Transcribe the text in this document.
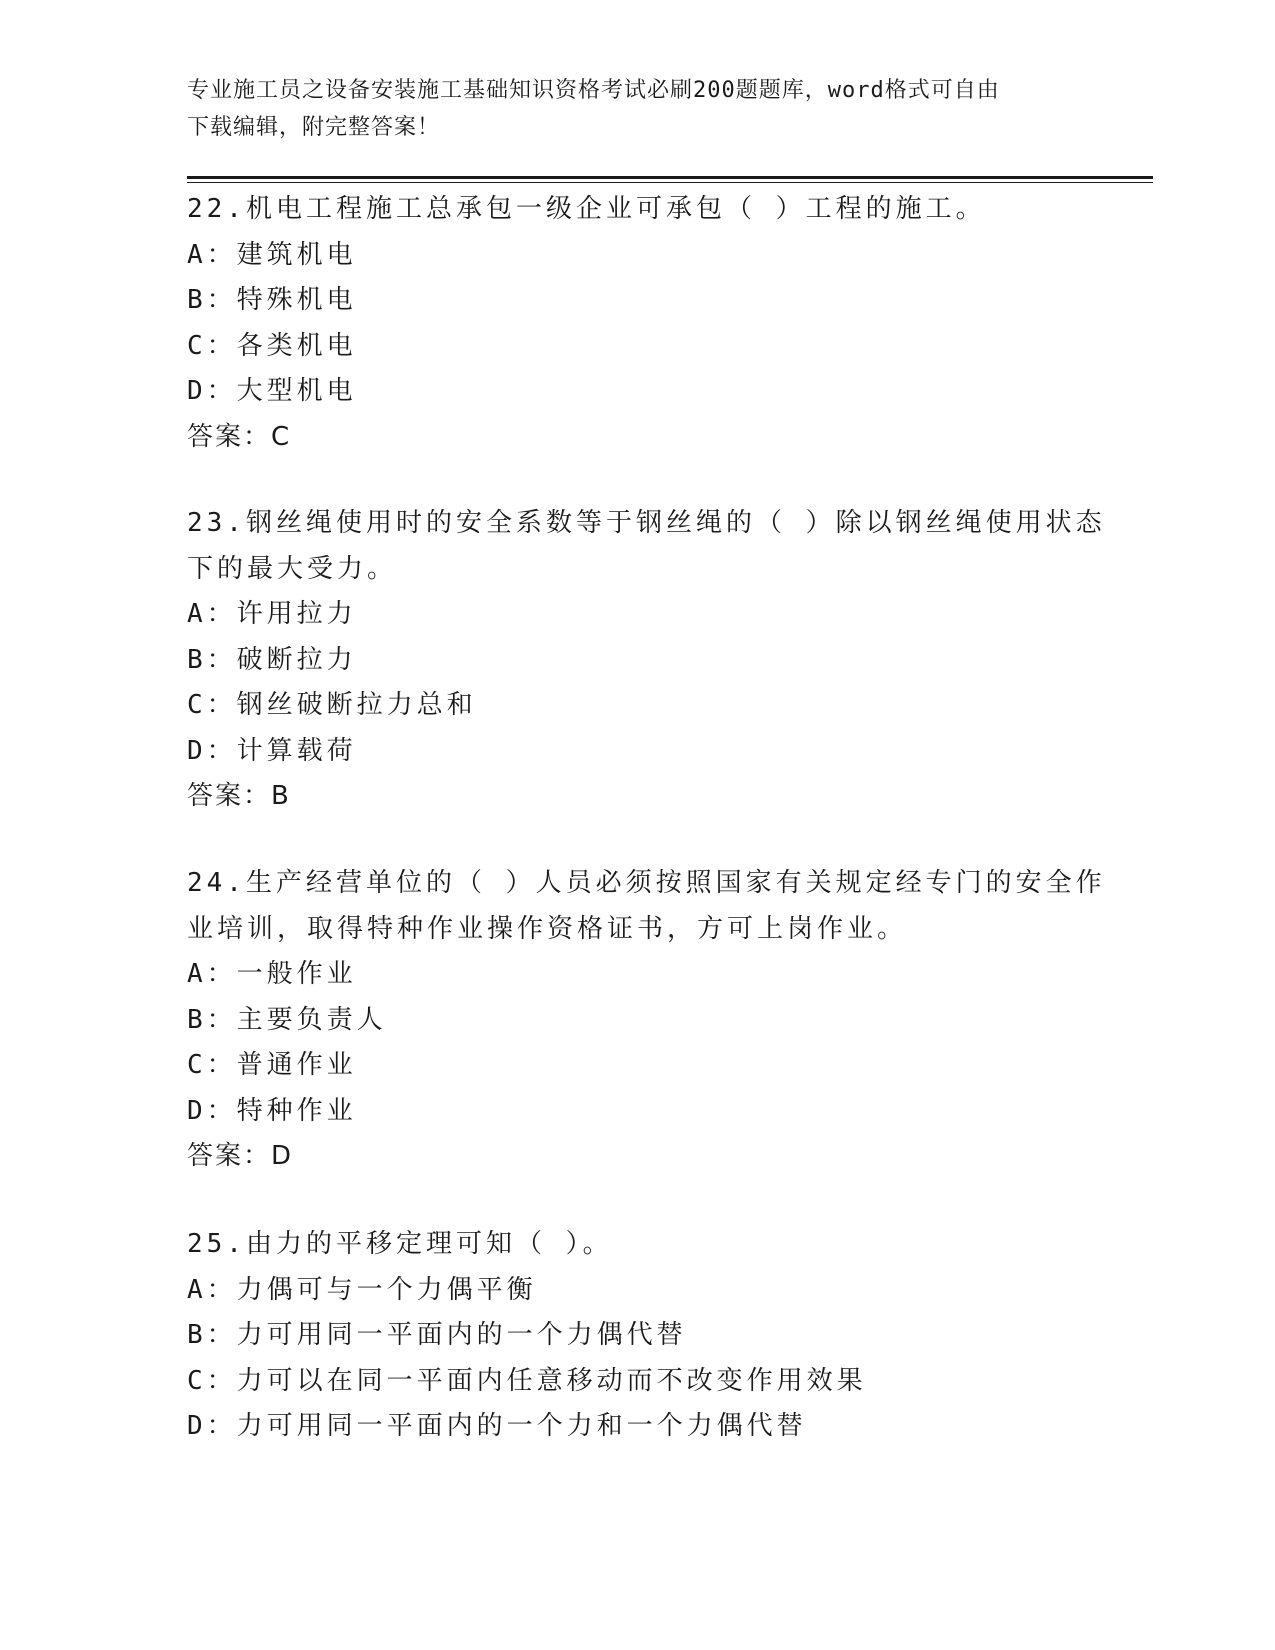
专业施工员之设备安装施工基础知识资格考试必刷200题题库，word格式可自由
下载编辑，附完整答案！
22.机电工程施工总承包一级企业可承包（ ）工程的施工。
A：建筑机电
B：特殊机电
C：各类机电
D：大型机电
答案：C
23.钢丝绳使用时的安全系数等于钢丝绳的（ ）除以钢丝绳使用状态
下的最大受力。
A：许用拉力
B：破断拉力
C：钢丝破断拉力总和
D：计算载荷
答案：B
24.生产经营单位的（ ）人员必须按照国家有关规定经专门的安全作
业培训，取得特种作业操作资格证书，方可上岗作业。
A：一般作业
B：主要负责人
C：普通作业
D：特种作业
答案：D
25.由力的平移定理可知（ ）。
A：力偶可与一个力偶平衡
B：力可用同一平面内的一个力偶代替
C：力可以在同一平面内任意移动而不改变作用效果
D：力可用同一平面内的一个力和一个力偶代替
